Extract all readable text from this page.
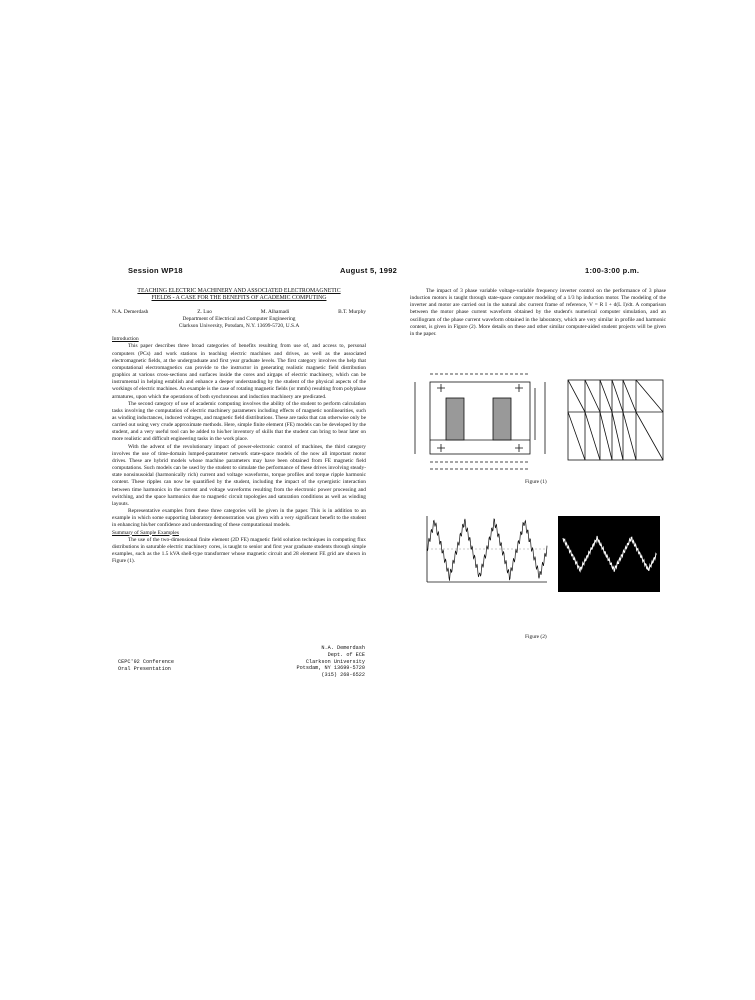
Session WP18	August 5, 1992	1:00-3:00 p.m.
TEACHING ELECTRIC MACHINERY AND ASSOCIATED ELECTROMAGNETIC
FIELDS - A CASE FOR THE BENEFITS OF ACADEMIC COMPUTING
N.A. Demerdash	Z. Luo	M. Alhamadi	B.T. Murphy
Department of Electrical and Computer Engineering
Clarkson University, Potsdam, N.Y. 13699-5720, U.S.A
Introduction

This paper describes three broad categories of benefits resulting from use of, and access to, personal computers (PCs) and work stations in teaching electric machines and drives, as well as the associated electromagnetic fields, at the undergraduate and first year graduate levels. The first category involves the help that computational electromagnetics can provide to the instructor in generating realistic magnetic field distribution graphics at various cross-sections and surfaces inside the cores and airgaps of electric machinery, which can be instrumental in helping establish and enhance a deeper understanding by the student of the physical aspects of the workings of electric machines. An example is the case of rotating magnetic fields (or mmfs) resulting from polyphase armatures, upon which the operations of both synchronous and induction machinery are predicated.

The second category of use of academic computing involves the ability of the student to perform calculation tasks involving the computation of electric machinery parameters including effects of magnetic nonlinearities, such as winding inductances, induced voltages, and magnetic field distributions. These are tasks that can otherwise only be carried out using very crude approximate methods. Here, simple finite element (FE) models can be developed by the student, and a very useful tool can be added to his/her inventory of skills that the student can bring to bear later on more realistic and difficult engineering tasks in the work place.

With the advent of the revolutionary impact of power-electronic control of machines, the third category involves the use of time-domain lumped-parameter network state-space models of the now all important motor drives. These are hybrid models whose machine parameters may have been obtained from FE magnetic field computations. Such models can be used by the student to simulate the performance of these drives involving steady-state nonsinusoidal (harmonically rich) current and voltage waveforms, torque profiles and torque ripple harmonic content. These ripples can now be quantified by the student, including the impact of the synergistic interaction between time harmonics in the current and voltage waveforms resulting from the electronic power processing and switching, and the space harmonics due to magnetic circuit topologies and saturation conditions as well as winding layouts.

Representative examples from these three categories will be given in the paper. This is in addition to an example in which some supporting laboratory demonstration was given with a very significant benefit to the student in enhancing his/her confidence and understanding of these computational models.

Summary of Sample Examples

The use of the two-dimensional finite element (2D FE) magnetic field solution techniques in computing flux distributions in saturable electric machinery cores, is taught to senior and first year graduate students through simple examples, such as the 1.5 kVA shell-type transformer whose magnetic circuit and 28 element FE grid are shown in Figure (1).

CEPC'92 Conference
Oral Presentation
N.A. Demerdash
Dept. of ECE
Clarkson University
Potsdam, NY 13699-5720
(315) 268-6522

The impact of 3 phase variable voltage-variable frequency inverter control on the performance of 3 phase induction motors is taught through state-space computer modeling of a 1/3 hp induction motor. The modeling of the inverter and motor are carried out in the natural abc current frame of reference, V = R I + d(L I)/dt. A comparison between the motor phase current waveform obtained by the student's numerical computer simulation, and an oscillogram of the phase current waveform obtained in the laboratory, which are very similar in profile and harmonic content, is given in Figure (2). More details on these and other similar computer-aided student projects will be given in the paper.

Figure (1)
Figure (2)
